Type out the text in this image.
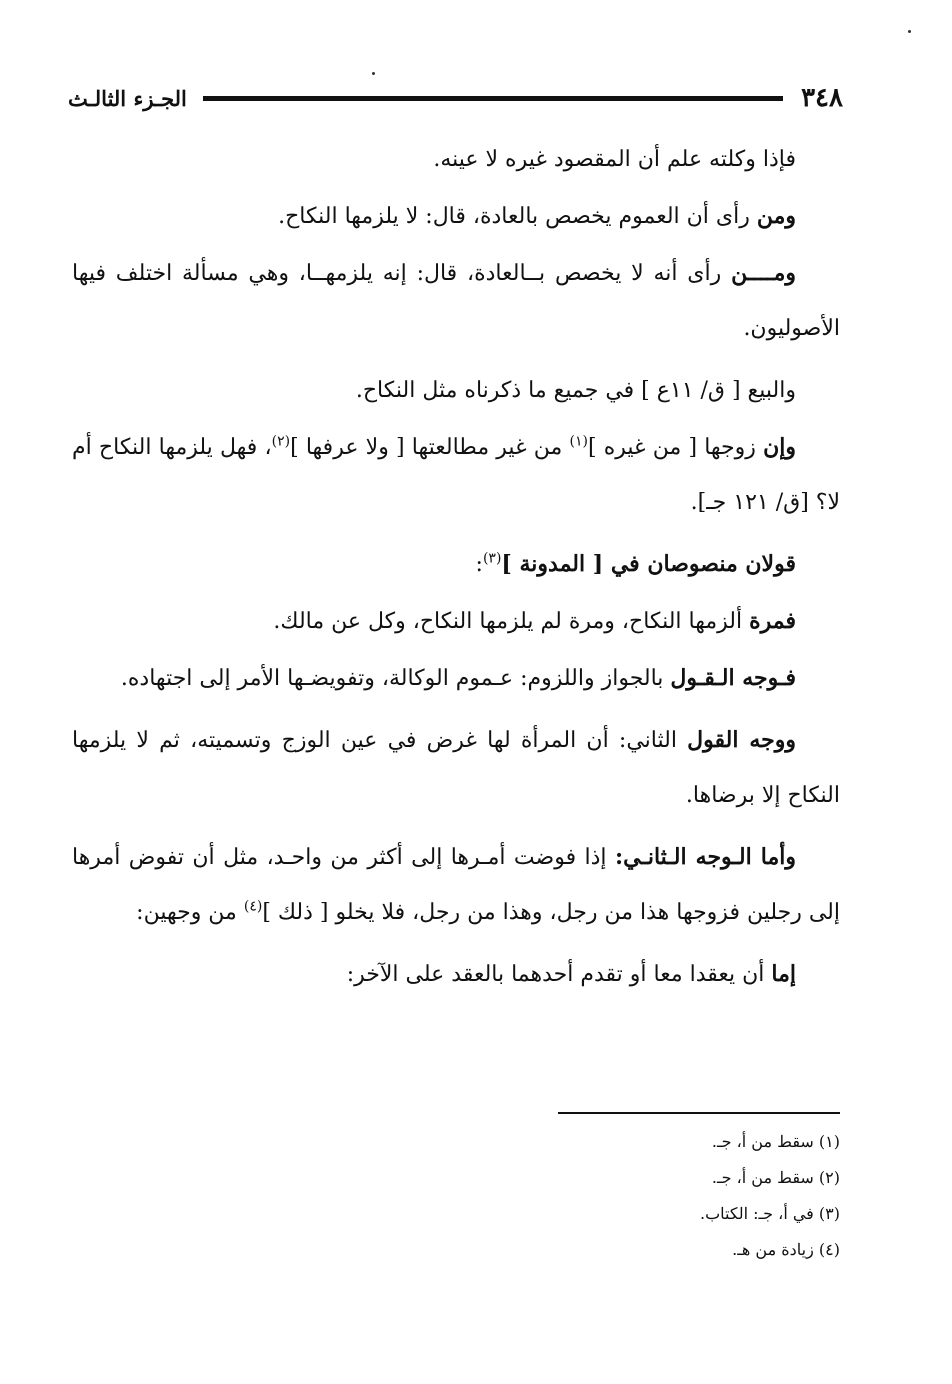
٣٤٨
الجـزء الثالـث

فإذا وكلته علم أن المقصود غيره لا عينه.

ومن رأى أن العموم يخصص بالعادة، قال: لا يلزمها النكاح.

ومــــن رأى أنه لا يخصص بــالعادة، قال: إنه يلزمهــا، وهي مسألة اختلف فيها الأصوليون.

والبيع [ ق/ ١١ع ] في جميع ما ذكرناه مثل النكاح.

وإن زوجها [ من غيره ]$^{(١)}$ من غير مطالعتها [ ولا عرفها ]$^{(٢)}$، فهل يلزمها النكاح أم لا؟ [ق/ ١٢١ جـ].

قولان منصوصان في [ المدونة ]$^{(٣)}$:

فمرة ألزمها النكاح، ومرة لم يلزمها النكاح، وكل عن مالك.

فـوجه الـقـول بالجواز واللزوم: عـموم الوكالة، وتفويضـها الأمر إلى اجتهاده.

ووجه القول الثاني: أن المرأة لها غرض في عين الوزج وتسميته، ثم لا يلزمها النكاح إلا برضاها.

وأما الـوجه الـثانـي: إذا فوضت أمـرها إلى أكثر من واحـد، مثل أن تفوض أمرها إلى رجلين فزوجها هذا من رجل، وهذا من رجل، فلا يخلو [ ذلك ]$^{(٤)}$ من وجهين:

إما أن يعقدا معا أو تقدم أحدهما بالعقد على الآخر:

(١) سقط من أ، جـ.
(٢) سقط من أ، جـ.
(٣) في أ، جـ: الكتاب.
(٤) زيادة من هـ.
